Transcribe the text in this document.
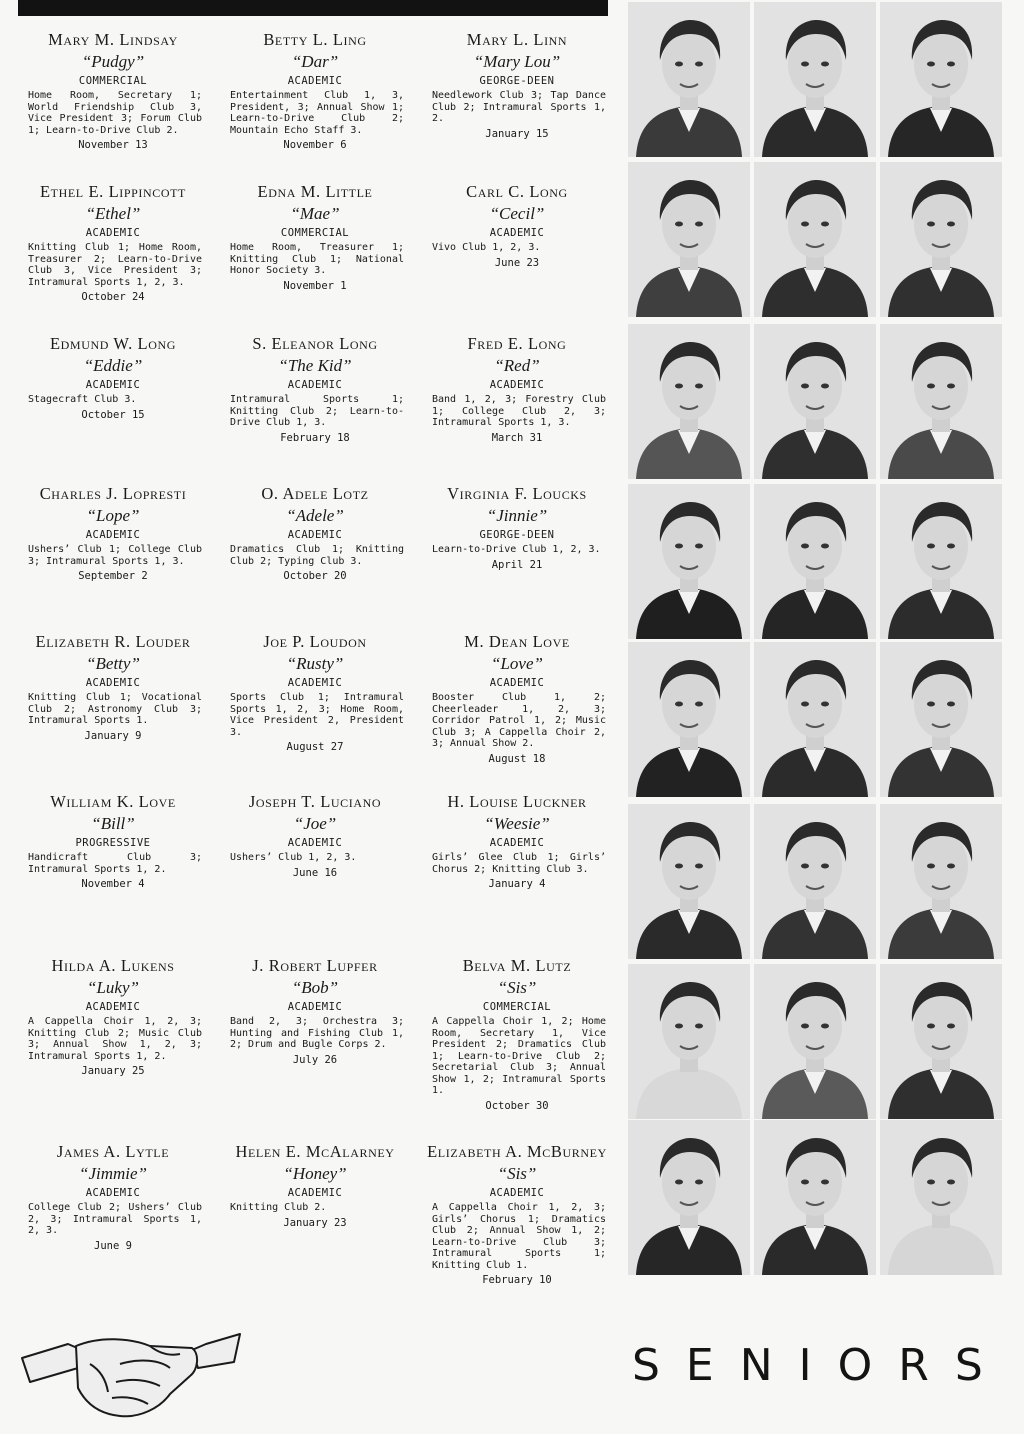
Mary M. Lindsay
“Pudgy”
COMMERCIAL
Home Room, Secretary 1; World Friendship Club 3, Vice President 3; Forum Club 1; Learn-to-Drive Club 2.
November 13
Betty L. Ling
“Dar”
ACADEMIC
Entertainment Club 1, 3, President, 3; Annual Show 1; Learn-to-Drive Club 2; Mountain Echo Staff 3.
November 6
Mary L. Linn
“Mary Lou”
GEORGE-DEEN
Needlework Club 3; Tap Dance Club 2; Intramural Sports 1, 2.
January 15
Ethel E. Lippincott
“Ethel”
ACADEMIC
Knitting Club 1; Home Room, Treasurer 2; Learn-to-Drive Club 3, Vice President 3; Intramural Sports 1, 2, 3.
October 24
Edna M. Little
“Mae”
COMMERCIAL
Home Room, Treasurer 1; Knitting Club 1; National Honor Society 3.
November 1
Carl C. Long
“Cecil”
ACADEMIC
Vivo Club 1, 2, 3.
June 23
Edmund W. Long
“Eddie”
ACADEMIC
Stagecraft Club 3.
October 15
S. Eleanor Long
“The Kid”
ACADEMIC
Intramural Sports 1; Knitting Club 2; Learn-to-Drive Club 1, 3.
February 18
Fred E. Long
“Red”
ACADEMIC
Band 1, 2, 3; Forestry Club 1; College Club 2, 3; Intramural Sports 1, 3.
March 31
Charles J. Lopresti
“Lope”
ACADEMIC
Ushers’ Club 1; College Club 3; Intramural Sports 1, 3.
September 2
O. Adele Lotz
“Adele”
ACADEMIC
Dramatics Club 1; Knitting Club 2; Typing Club 3.
October 20
Virginia F. Loucks
“Jinnie”
GEORGE-DEEN
Learn-to-Drive Club 1, 2, 3.
April 21
Elizabeth R. Louder
“Betty”
ACADEMIC
Knitting Club 1; Vocational Club 2; Astronomy Club 3; Intramural Sports 1.
January 9
Joe P. Loudon
“Rusty”
ACADEMIC
Sports Club 1; Intramural Sports 1, 2, 3; Home Room, Vice President 2, President 3.
August 27
M. Dean Love
“Love”
ACADEMIC
Booster Club 1, 2; Cheerleader 1, 2, 3; Corridor Patrol 1, 2; Music Club 3; A Cappella Choir 2, 3; Annual Show 2.
August 18
William K. Love
“Bill”
PROGRESSIVE
Handicraft Club 3; Intramural Sports 1, 2.
November 4
Joseph T. Luciano
“Joe”
ACADEMIC
Ushers’ Club 1, 2, 3.
June 16
H. Louise Luckner
“Weesie”
ACADEMIC
Girls’ Glee Club 1; Girls’ Chorus 2; Knitting Club 3.
January 4
Hilda A. Lukens
“Luky”
ACADEMIC
A Cappella Choir 1, 2, 3; Knitting Club 2; Music Club 3; Annual Show 1, 2, 3; Intramural Sports 1, 2.
January 25
J. Robert Lupfer
“Bob”
ACADEMIC
Band 2, 3; Orchestra 3; Hunting and Fishing Club 1, 2; Drum and Bugle Corps 2.
July 26
Belva M. Lutz
“Sis”
COMMERCIAL
A Cappella Choir 1, 2; Home Room, Secretary 1, Vice President 2; Dramatics Club 1; Learn-to-Drive Club 2; Secretarial Club 3; Annual Show 1, 2; Intramural Sports 1.
October 30
James A. Lytle
“Jimmie”
ACADEMIC
College Club 2; Ushers’ Club 2, 3; Intramural Sports 1, 2, 3.
June 9
Helen E. McAlarney
“Honey”
ACADEMIC
Knitting Club 2.
January 23
Elizabeth A. McBurney
“Sis”
ACADEMIC
A Cappella Choir 1, 2, 3; Girls’ Chorus 1; Dramatics Club 2; Annual Show 1, 2; Learn-to-Drive Club 3; Intramural Sports 1; Knitting Club 1.
February 10
SENIORS
